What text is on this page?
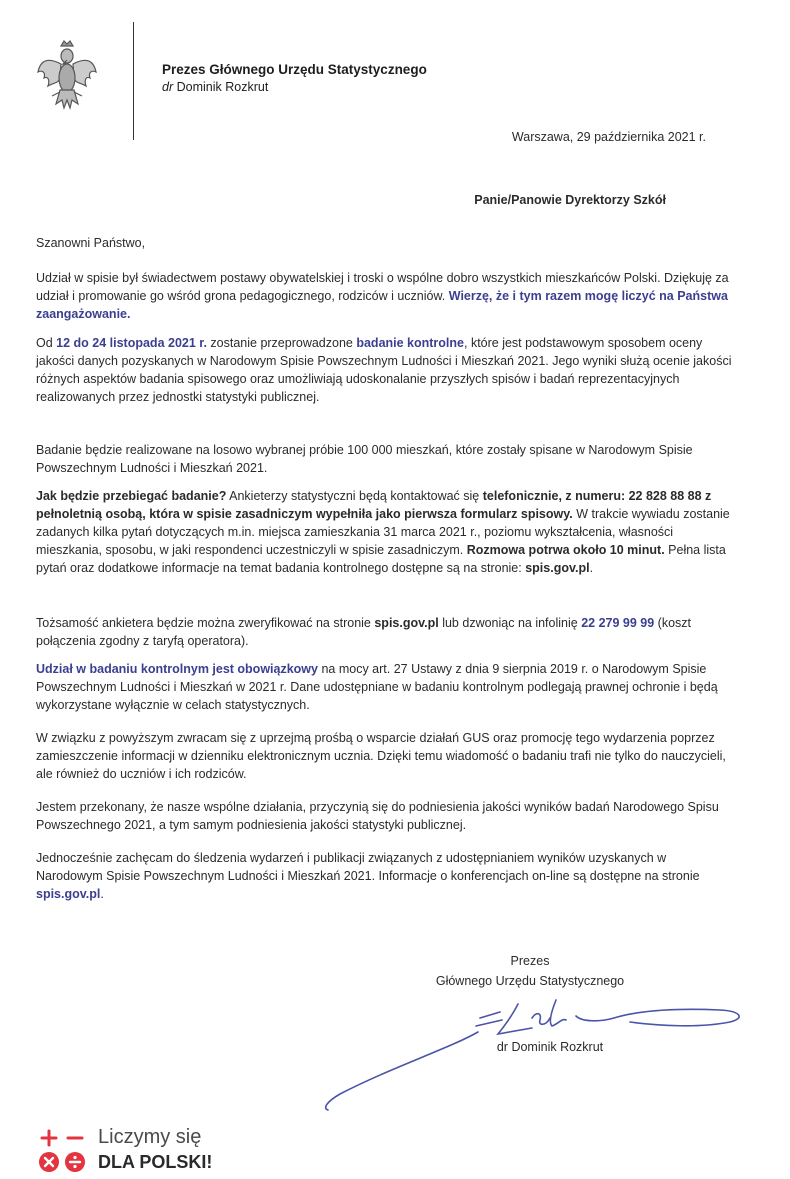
Prezes Głównego Urzędu Statystycznego
dr Dominik Rozkrut
Warszawa, 29 października 2021 r.
Panie/Panowie Dyrektorzy Szkół
Szanowni Państwo,

Udział w spisie był świadectwem postawy obywatelskiej i troski o wspólne dobro wszystkich mieszkańców Polski. Dziękuję za udział i promowanie go wśród grona pedagogicznego, rodziców i uczniów. Wierzę, że i tym razem mogę liczyć na Państwa zaangażowanie.

Od 12 do 24 listopada 2021 r. zostanie przeprowadzone badanie kontrolne, które jest podstawowym sposobem oceny jakości danych pozyskanych w Narodowym Spisie Powszechnym Ludności i Mieszkań 2021. Jego wyniki służą ocenie jakości różnych aspektów badania spisowego oraz umożliwiają udoskonalanie przyszłych spisów i badań reprezentacyjnych realizowanych przez jednostki statystyki publicznej.

Badanie będzie realizowane na losowo wybranej próbie 100 000 mieszkań, które zostały spisane w Narodowym Spisie Powszechnym Ludności i Mieszkań 2021.

Jak będzie przebiegać badanie? Ankieterzy statystyczni będą kontaktować się telefonicznie, z numeru: 22 828 88 88 z pełnoletnią osobą, która w spisie zasadniczym wypełniła jako pierwsza formularz spisowy. W trakcie wywiadu zostanie zadanych kilka pytań dotyczących m.in. miejsca zamieszkania 31 marca 2021 r., poziomu wykształcenia, własności mieszkania, sposobu, w jaki respondenci uczestniczyli w spisie zasadniczym. Rozmowa potrwa około 10 minut. Pełna lista pytań oraz dodatkowe informacje na temat badania kontrolnego dostępne są na stronie: spis.gov.pl.

Tożsamość ankietera będzie można zweryfikować na stronie spis.gov.pl lub dzwoniąc na infolinię 22 279 99 99 (koszt połączenia zgodny z taryfą operatora).

Udział w badaniu kontrolnym jest obowiązkowy na mocy art. 27 Ustawy z dnia 9 sierpnia 2019 r. o Narodowym Spisie Powszechnym Ludności i Mieszkań w 2021 r. Dane udostępniane w badaniu kontrolnym podlegają prawnej ochronie i będą wykorzystane wyłącznie w celach statystycznych.

W związku z powyższym zwracam się z uprzejmą prośbą o wsparcie działań GUS oraz promocję tego wydarzenia poprzez zamieszczenie informacji w dzienniku elektronicznym ucznia. Dzięki temu wiadomość o badaniu trafi nie tylko do nauczycieli, ale również do uczniów i ich rodziców.

Jestem przekonany, że nasze wspólne działania, przyczynią się do podniesienia jakości wyników badań Narodowego Spisu Powszechnego 2021, a tym samym podniesienia jakości statystyki publicznej.

Jednocześnie zachęcam do śledzenia wydarzeń i publikacji związanych z udostępnianiem wyników uzyskanych w Narodowym Spisie Powszechnym Ludności i Mieszkań 2021. Informacje o konferencjach on-line są dostępne na stronie spis.gov.pl.

Prezes
Głównego Urzędu Statystycznego
dr Dominik Rozkrut
Liczymy się
DLA POLSKI!
